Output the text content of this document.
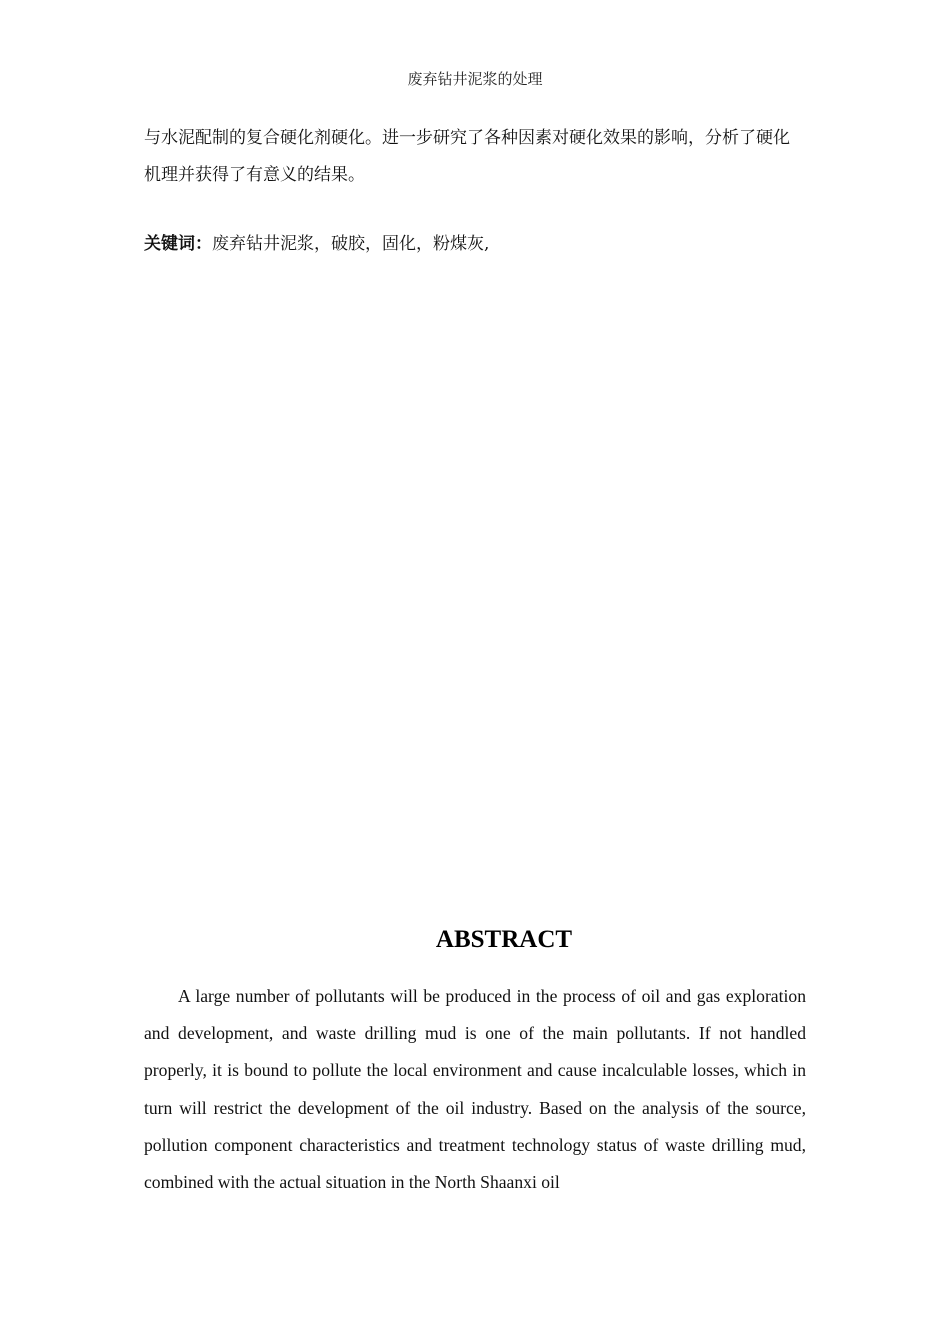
废弃钻井泥浆的处理

与水泥配制的复合硬化剂硬化。进一步研究了各种因素对硬化效果的影响，分析了硬化机理并获得了有意义的结果。

关键词：废弃钻井泥浆，破胶，固化，粉煤灰,
ABSTRACT

A large number of pollutants will be produced in the process of oil and gas exploration and development, and waste drilling mud is one of the main pollutants. If not handled properly, it is bound to pollute the local environment and cause incalculable losses, which in turn will restrict the development of the oil industry. Based on the analysis of the source, pollution component characteristics and treatment technology status of waste drilling mud, combined with the actual situation in the North Shaanxi oil
